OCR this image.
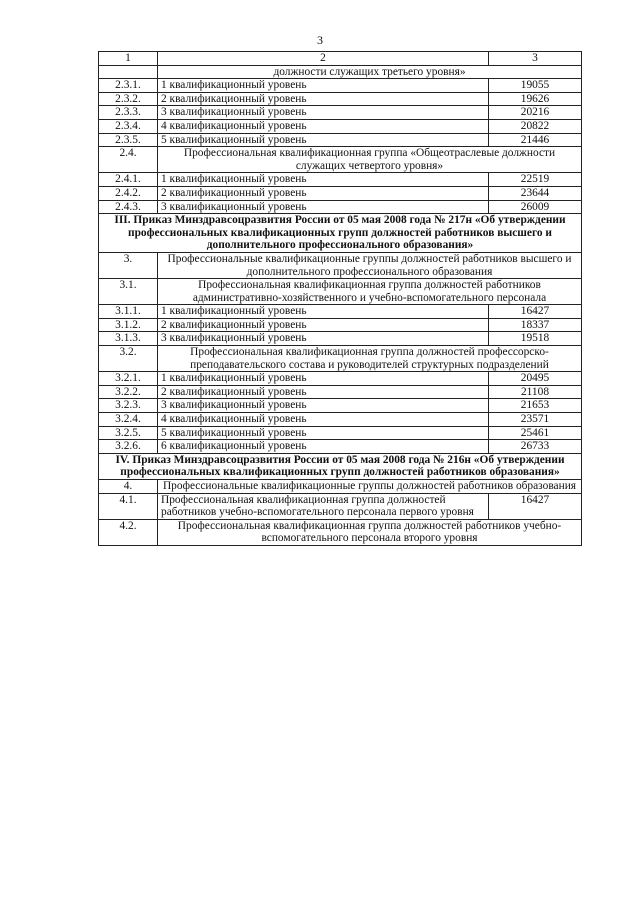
3
1	2	3
	должности служащих третьего уровня»	
2.3.1.	1 квалификационный уровень	19055
2.3.2.	2 квалификационный уровень	19626
2.3.3.	3 квалификационный уровень	20216
2.3.4.	4 квалификационный уровень	20822
2.3.5.	5 квалификационный уровень	21446
2.4.	Профессиональная квалификационная группа «Общеотраслевые должности служащих четвертого уровня»	
2.4.1.	1 квалификационный уровень	22519
2.4.2.	2 квалификационный уровень	23644
2.4.3.	3 квалификационный уровень	26009
III. Приказ Минздравсоцразвития России от 05 мая 2008 года № 217н «Об утверждении профессиональных квалификационных групп должностей работников высшего и дополнительного профессионального образования»		
3.	Профессиональные квалификационные группы должностей работников высшего и дополнительного профессионального образования	
3.1.	Профессиональная квалификационная группа должностей работников административно-хозяйственного и учебно-вспомогательного персонала	
3.1.1.	1 квалификационный уровень	16427
3.1.2.	2 квалификационный уровень	18337
3.1.3.	3 квалификационный уровень	19518
3.2.	Профессиональная квалификационная группа должностей профессорско-преподавательского состава и руководителей структурных подразделений	
3.2.1.	1 квалификационный уровень	20495
3.2.2.	2 квалификационный уровень	21108
3.2.3.	3 квалификационный уровень	21653
3.2.4.	4 квалификационный уровень	23571
3.2.5.	5 квалификационный уровень	25461
3.2.6.	6 квалификационный уровень	26733
IV. Приказ Минздравсоцразвития России от 05 мая 2008 года № 216н «Об утверждении профессиональных квалификационных групп должностей работников образования»		
4.	Профессиональные квалификационные группы должностей работников образования	
4.1.	Профессиональная квалификационная группа должностей работников учебно-вспомогательного персонала первого уровня	16427
4.2.	Профессиональная квалификационная группа должностей работников учебно-вспомогательного персонала второго уровня	
